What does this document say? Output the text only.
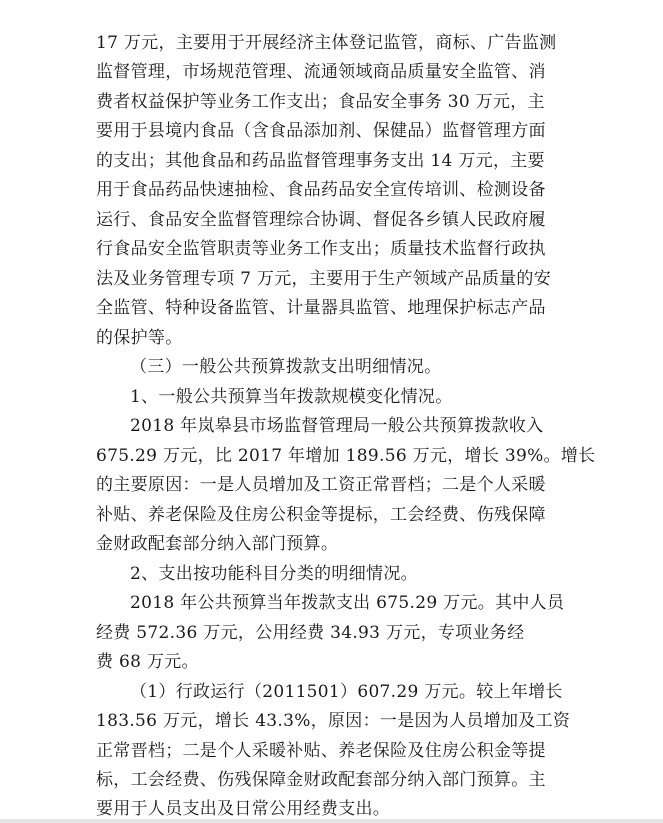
17 万元，主要用于开展经济主体登记监管，商标、广告监测
监督管理，市场规范管理、流通领域商品质量安全监管、消
费者权益保护等业务工作支出；食品安全事务 30 万元，主
要用于县境内食品（含食品添加剂、保健品）监督管理方面
的支出；其他食品和药品监督管理事务支出 14 万元，主要
用于食品药品快速抽检、食品药品安全宣传培训、检测设备
运行、食品安全监督管理综合协调、督促各乡镇人民政府履
行食品安全监管职责等业务工作支出；质量技术监督行政执
法及业务管理专项 7 万元，主要用于生产领域产品质量的安
全监管、特种设备监管、计量器具监管、地理保护标志产品
的保护等。
（三）一般公共预算拨款支出明细情况。
1、一般公共预算当年拨款规模变化情况。
2018 年岚皋县市场监督管理局一般公共预算拨款收入
675.29 万元，比 2017 年增加 189.56 万元，增长 39%。增长
的主要原因：一是人员增加及工资正常晋档；二是个人采暖
补贴、养老保险及住房公积金等提标，工会经费、伤残保障
金财政配套部分纳入部门预算。
2、支出按功能科目分类的明细情况。
2018 年公共预算当年拨款支出 675.29 万元。其中人员
经费 572.36 万元，公用经费 34.93 万元，专项业务经
费 68 万元。
（1）行政运行（2011501）607.29 万元。较上年增长
183.56 万元，增长 43.3%，原因：一是因为人员增加及工资
正常晋档；二是个人采暖补贴、养老保险及住房公积金等提
标，工会经费、伤残保障金财政配套部分纳入部门预算。主
要用于人员支出及日常公用经费支出。
